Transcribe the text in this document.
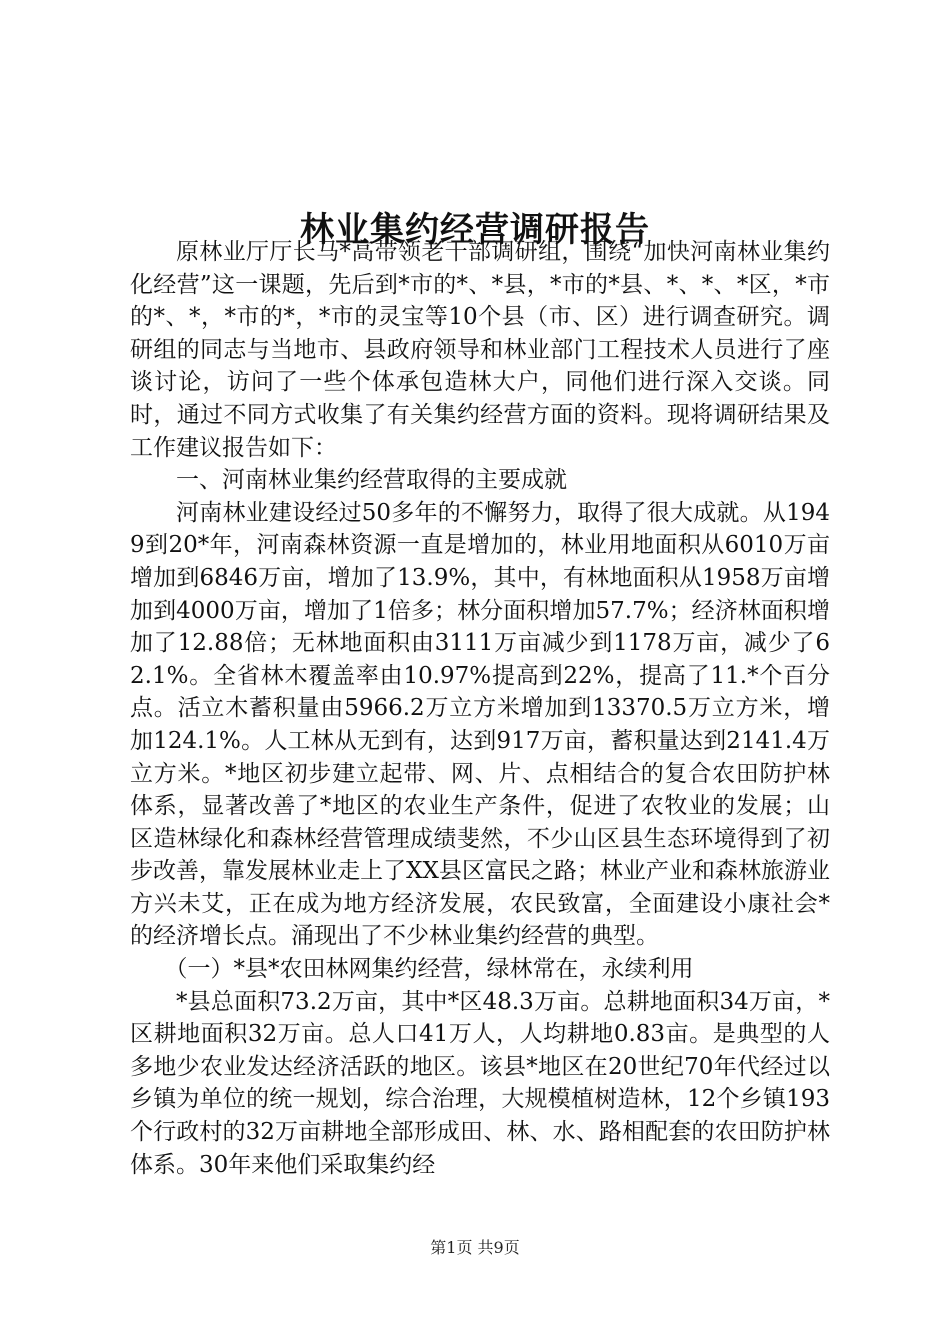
林业集约经营调研报告

原林业厅厅长马*高带领老干部调研组，围绕“加快河南林业集约化经营”这一课题，先后到*市的*、*县，*市的*县、*、*、*区，*市的*、*，*市的*，*市的灵宝等10个县（市、区）进行调查研究。调研组的同志与当地市、县政府领导和林业部门工程技术人员进行了座谈讨论，访问了一些个体承包造林大户，同他们进行深入交谈。同时，通过不同方式收集了有关集约经营方面的资料。现将调研结果及工作建议报告如下：

一、河南林业集约经营取得的主要成就

河南林业建设经过50多年的不懈努力，取得了很大成就。从1949到20*年，河南森林资源一直是增加的，林业用地面积从6010万亩增加到6846万亩，增加了13.9%，其中，有林地面积从1958万亩增加到4000万亩，增加了1倍多；林分面积增加57.7%；经济林面积增加了12.88倍；无林地面积由3111万亩减少到1178万亩，减少了62.1%。全省林木覆盖率由10.97%提高到22%，提高了11.*个百分点。活立木蓄积量由5966.2万立方米增加到13370.5万立方米，增加124.1%。人工林从无到有，达到917万亩，蓄积量达到2141.4万立方米。*地区初步建立起带、网、片、点相结合的复合农田防护林体系，显著改善了*地区的农业生产条件，促进了农牧业的发展；山区造林绿化和森林经营管理成绩斐然，不少山区县生态环境得到了初步改善，靠发展林业走上了XX县区富民之路；林业产业和森林旅游业方兴未艾，正在成为地方经济发展，农民致富，全面建设小康社会*的经济增长点。涌现出了不少林业集约经营的典型。

（一）*县*农田林网集约经营，绿林常在，永续利用

*县总面积73.2万亩，其中*区48.3万亩。总耕地面积34万亩，*区耕地面积32万亩。总人口41万人，人均耕地0.83亩。是典型的人多地少农业发达经济活跃的地区。该县*地区在20世纪70年代经过以乡镇为单位的统一规划，综合治理，大规模植树造林，12个乡镇193个行政村的32万亩耕地全部形成田、林、水、路相配套的农田防护林体系。30年来他们采取集约经

第1页 共9页
